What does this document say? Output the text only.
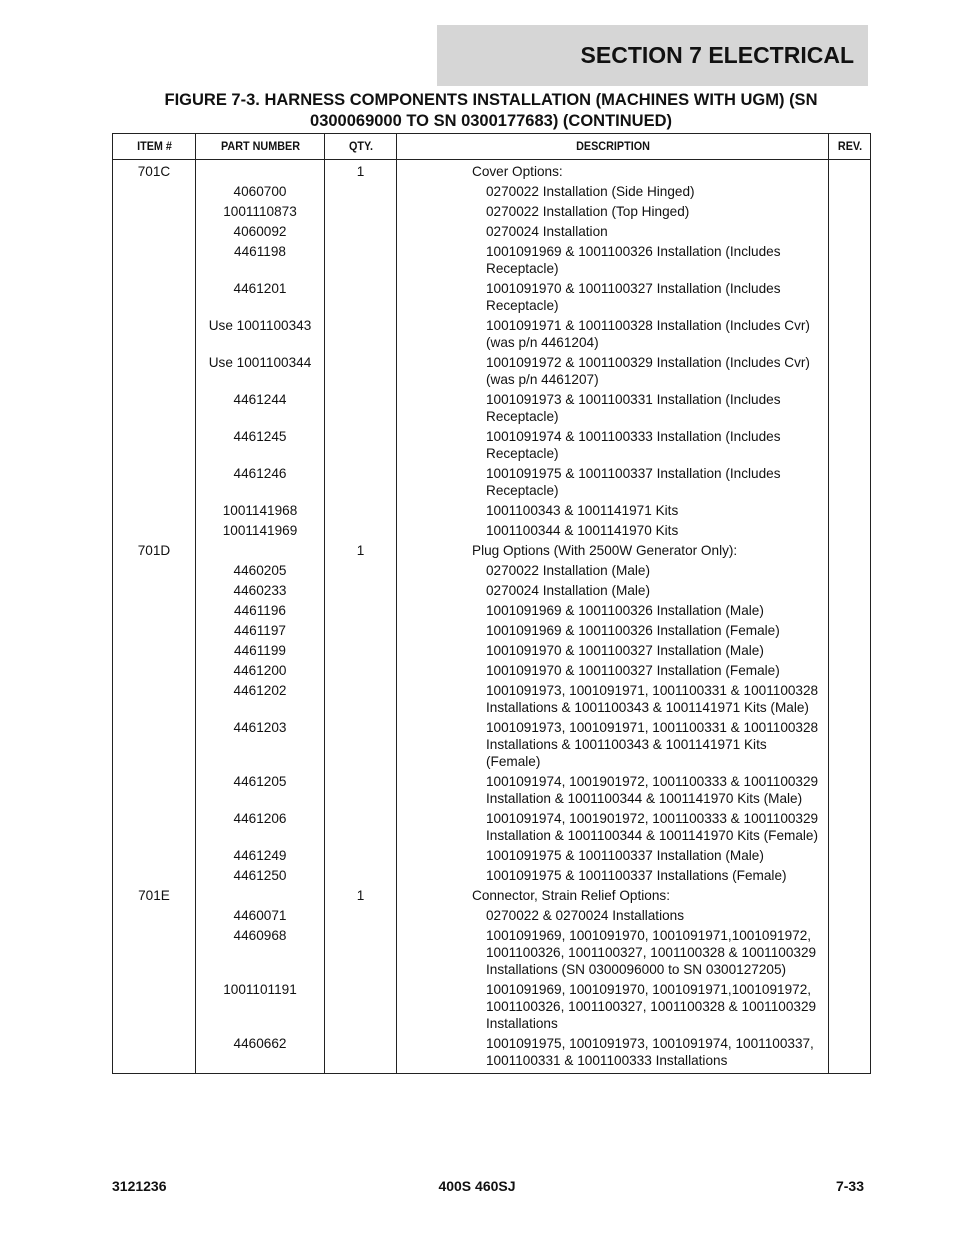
SECTION 7 ELECTRICAL
FIGURE 7-3. HARNESS COMPONENTS INSTALLATION (MACHINES WITH UGM) (SN
0300069000 TO SN 0300177683) (CONTINUED)
ITEM #	PART NUMBER	QTY.	DESCRIPTION	REV.
701C		1	Cover Options:	
	4060700		0270022 Installation (Side Hinged)	
	1001110873		0270022 Installation (Top Hinged)	
	4060092		0270024 Installation	
	4461198		1001091969 & 1001100326 Installation (Includes Receptacle)	
	4461201		1001091970 & 1001100327 Installation (Includes Receptacle)	
	Use 1001100343		1001091971 & 1001100328 Installation (Includes Cvr) (was p/n 4461204)	
	Use 1001100344		1001091972 & 1001100329 Installation (Includes Cvr) (was p/n 4461207)	
	4461244		1001091973 & 1001100331 Installation (Includes Receptacle)	
	4461245		1001091974 & 1001100333 Installation (Includes Receptacle)	
	4461246		1001091975 & 1001100337 Installation (Includes Receptacle)	
	1001141968		1001100343 & 1001141971 Kits	
	1001141969		1001100344 & 1001141970 Kits	
701D		1	Plug Options (With 2500W Generator Only):	
	4460205		0270022 Installation (Male)	
	4460233		0270024 Installation (Male)	
	4461196		1001091969 & 1001100326 Installation (Male)	
	4461197		1001091969 & 1001100326 Installation (Female)	
	4461199		1001091970 & 1001100327 Installation (Male)	
	4461200		1001091970 & 1001100327 Installation (Female)	
	4461202		1001091973, 1001091971, 1001100331 & 1001100328 Installations & 1001100343 & 1001141971 Kits (Male)	
	4461203		1001091973, 1001091971, 1001100331 & 1001100328 Installations & 1001100343 & 1001141971 Kits (Female)	
	4461205		1001091974, 1001901972, 1001100333 & 1001100329 Installation & 1001100344 & 1001141970 Kits (Male)	
	4461206		1001091974, 1001901972, 1001100333 & 1001100329 Installation & 1001100344 & 1001141970 Kits (Female)	
	4461249		1001091975 & 1001100337 Installation (Male)	
	4461250		1001091975 & 1001100337 Installations (Female)	
701E		1	Connector, Strain Relief Options:	
	4460071		0270022 & 0270024 Installations	
	4460968		1001091969, 1001091970, 1001091971,1001091972, 1001100326, 1001100327, 1001100328 & 1001100329 Installations (SN 0300096000 to SN 0300127205)	
	1001101191		1001091969, 1001091970, 1001091971,1001091972, 1001100326, 1001100327, 1001100328 & 1001100329 Installations	
	4460662		1001091975, 1001091973, 1001091974, 1001100337, 1001100331 & 1001100333 Installations	
3121236	400S 460SJ	7-33
